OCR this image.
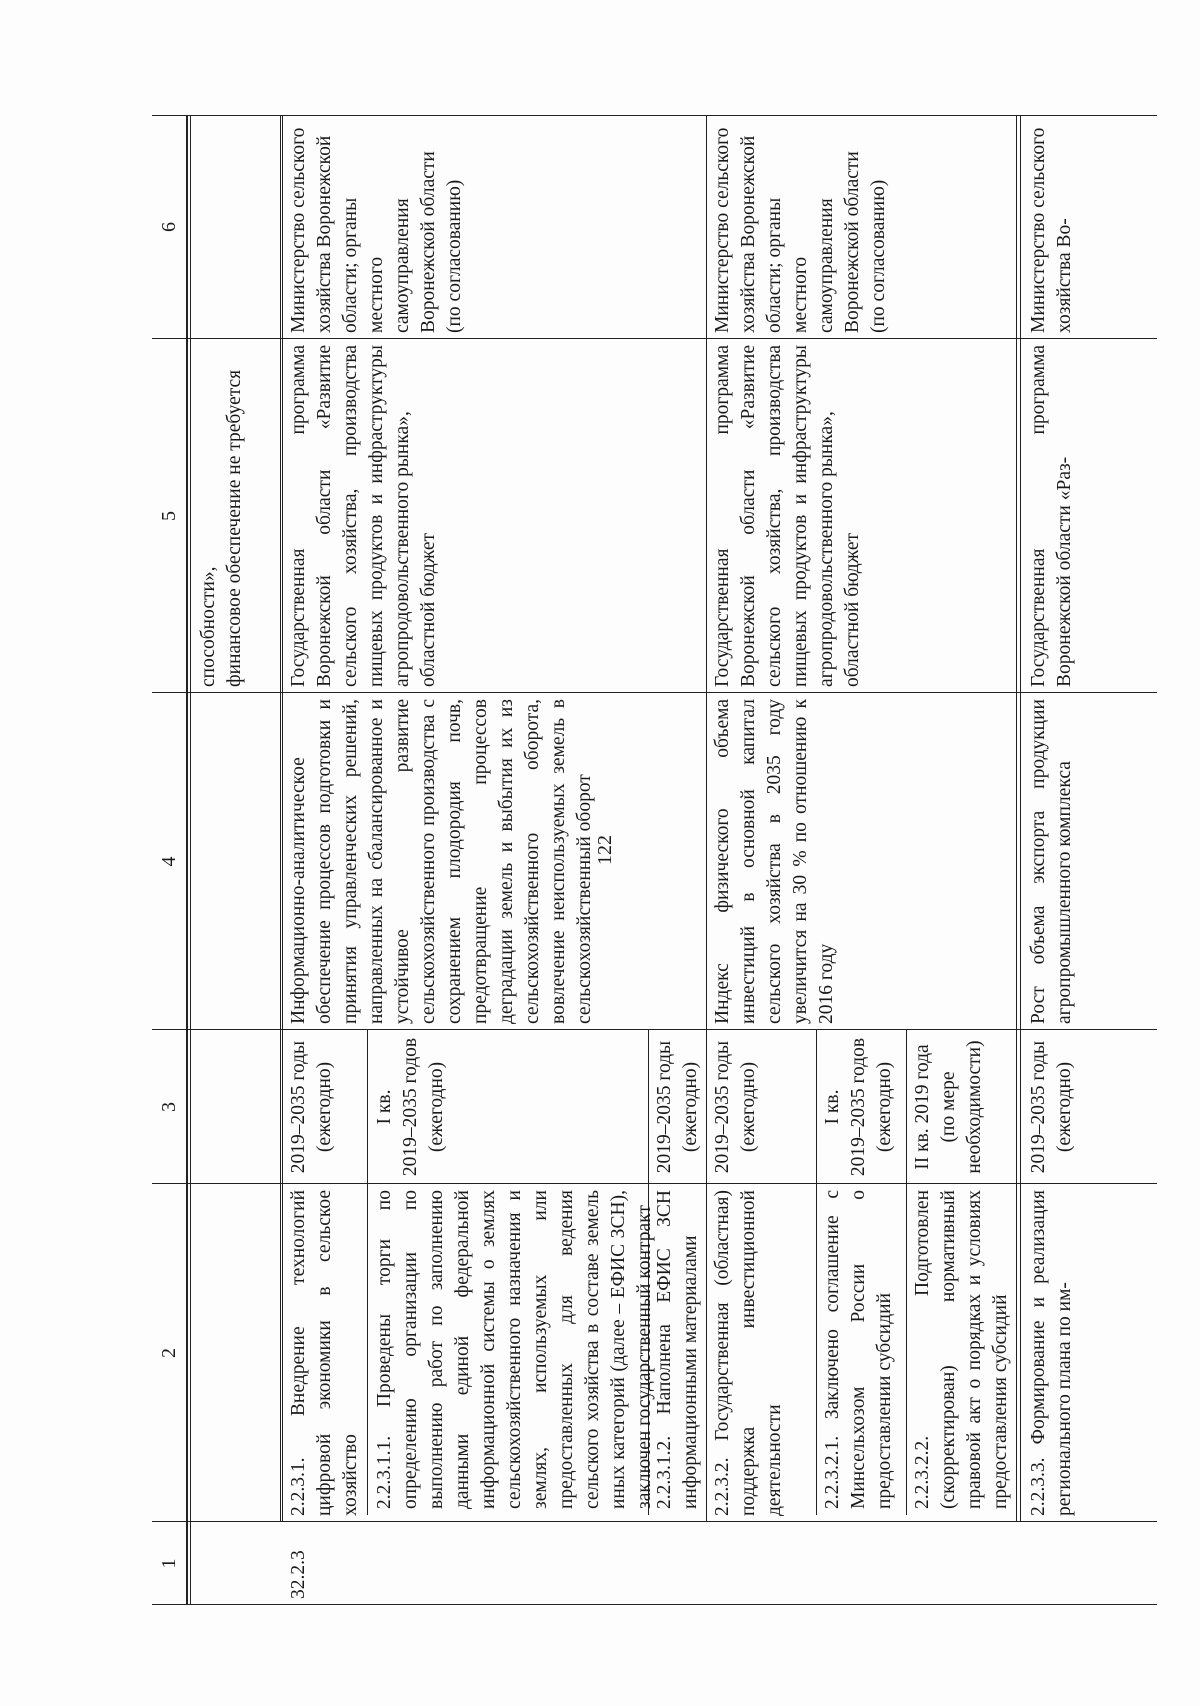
122
1
2
3
4
5
6
способности», финансовое обеспечение не требуется
32.2.3
2.2.3.1. Внедрение технологий цифровой экономики в сельское хозяйство
2019–2035 годы (ежегодно)
Информационно-аналитическое обеспечение процессов подготовки и принятия управленческих решений, направленных на сбалансированное и устойчивое развитие сельскохозяйственного производства с сохранением плодородия почв, предотвращение процессов деградации земель и выбытия их из сельскохозяйственного оборота, вовлечение неиспользуемых земель в сельскохозяйственный оборот
Государственная программа Воронежской области «Развитие сельского хозяйства, производства пищевых продуктов и инфраструктуры агропродовольственного рынка», областной бюджет
Министерство сельского хозяйства Воронежской области; органы местного самоуправления Воронежской области (по согласованию)
2.2.3.1.1. Проведены торги по определению организации по выполнению работ по заполнению данными единой федеральной информационной системы о землях сельскохозяйственного назначения и землях, используемых или предоставленных для ведения сельского хозяйства в составе земель иных категорий (далее – ЕФИС ЗСН), заключен государственный контракт
I кв. 2019–2035 годов (ежегодно)
2.2.3.1.2. Наполнена ЕФИС ЗСН информационными материалами
2019–2035 годы (ежегодно)
2.2.3.2. Государственная (областная) поддержка инвестиционной деятельности
2019–2035 годы (ежегодно)
Индекс физического объема инвестиций в основной капитал сельского хозяйства в 2035 году увеличится на 30 % по отношению к 2016 году
Государственная программа Воронежской области «Развитие сельского хозяйства, производства пищевых продуктов и инфраструктуры агропродовольственного рынка», областной бюджет
Министерство сельского хозяйства Воронежской области; органы местного самоуправления Воронежской области (по согласованию)
2.2.3.2.1. Заключено соглашение с Минсельхозом России о предоставлении субсидий
I кв. 2019–2035 годов (ежегодно)
2.2.3.2.2. Подготовлен (скорректирован) нормативный правовой акт о порядках и условиях предоставления субсидий
II кв. 2019 года (по мере необходимости)
2.2.3.3. Формирование и реализация регионального плана по им-
2019–2035 годы (ежегодно)
Рост объема экспорта продукции агропромышленного комплекса
Государственная программа Воронежской области «Раз-
Министерство сельского хозяйства Во-
